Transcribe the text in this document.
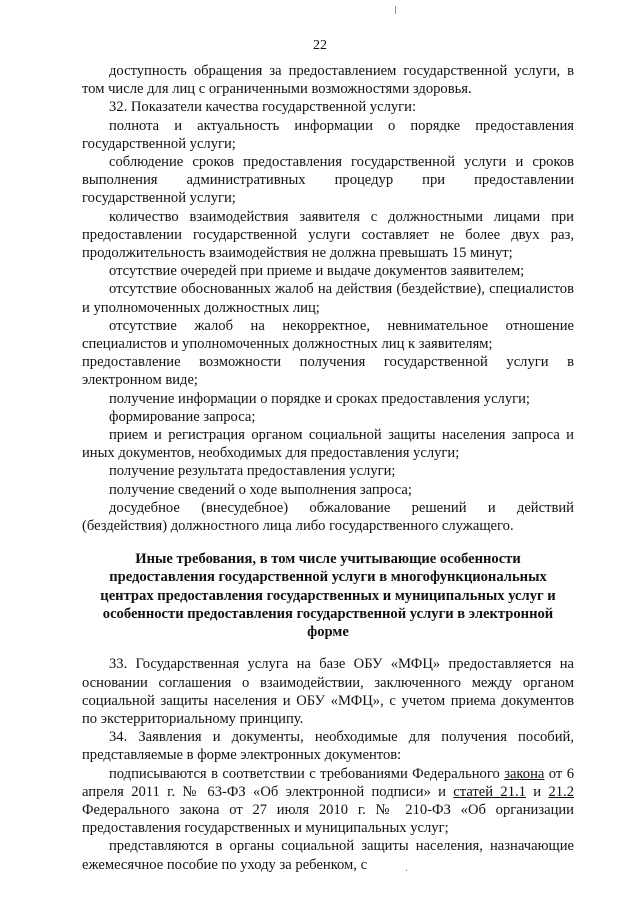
22

доступность обращения за предоставлением государственной услуги, в том числе для лиц с ограниченными возможностями здоровья.

32. Показатели качества государственной услуги:

полнота и актуальность информации о порядке предоставления государственной услуги;

соблюдение сроков предоставления государственной услуги и сроков выполнения административных процедур при предоставлении государственной услуги;

количество взаимодействия заявителя с должностными лицами при предоставлении государственной услуги составляет не более двух раз, продолжительность взаимодействия не должна превышать 15 минут;

отсутствие очередей при приеме и выдаче документов заявителем;

отсутствие обоснованных жалоб на действия (бездействие), специалистов и уполномоченных должностных лиц;

отсутствие жалоб на некорректное, невнимательное отношение специалистов и уполномоченных должностных лиц к заявителям;

предоставление возможности получения государственной услуги в электронном виде;

получение информации о порядке и сроках предоставления услуги;

формирование запроса;

прием и регистрация органом социальной защиты населения запроса и иных документов, необходимых для предоставления услуги;

получение результата предоставления услуги;

получение сведений о ходе выполнения запроса;

досудебное (внесудебное) обжалование решений и действий (бездействия) должностного лица либо государственного служащего.

Иные требования, в том числе учитывающие особенности предоставления государственной услуги в многофункциональных центрах предоставления государственных и муниципальных услуг и особенности предоставления государственной услуги в электронной форме

33. Государственная услуга на базе ОБУ «МФЦ» предоставляется на основании соглашения о взаимодействии, заключенного между органом социальной защиты населения и ОБУ «МФЦ», с учетом приема документов по экстерриториальному принципу.

34. Заявления и документы, необходимые для получения пособий, представляемые в форме электронных документов:

подписываются в соответствии с требованиями Федерального закона от 6 апреля 2011 г. № 63-ФЗ «Об электронной подписи» и статей 21.1 и 21.2 Федерального закона от 27 июля 2010 г. № 210-ФЗ «Об организации предоставления государственных и муниципальных услуг;

представляются в органы социальной защиты населения, назначающие ежемесячное пособие по уходу за ребенком, с	·
